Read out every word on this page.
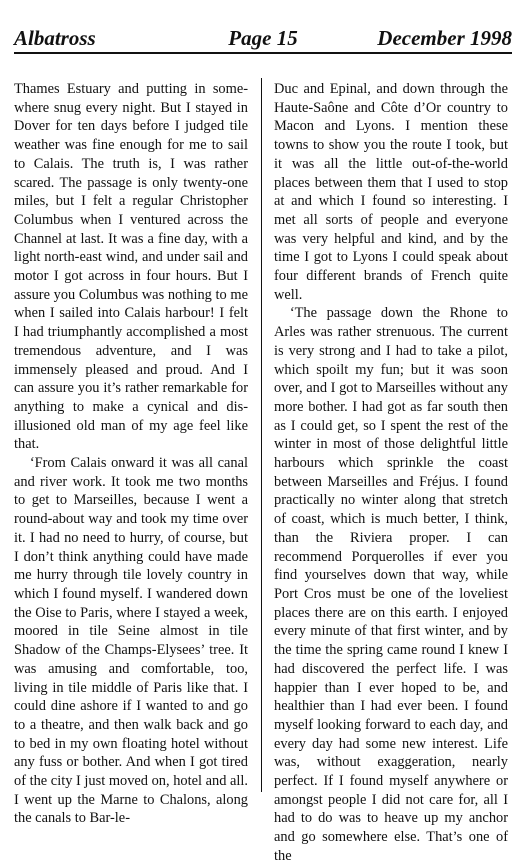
Albatross	Page 15	December 1998

Thames Estuary and putting in somewhere snug every night. But I stayed in Dover for ten days before I judged tile weather was fine enough for me to sail to Calais. The truth is, I was rather scared. The passage is only twenty-one miles, but I felt a regular Christopher Columbus when I ventured across the Channel at last. It was a fine day, with a light north-east wind, and under sail and motor I got across in four hours. But I assure you Columbus was nothing to me when I sailed into Calais harbour! I felt I had triumphantly accomplished a most tremendous adventure, and I was immensely pleased and proud. And I can assure you it’s rather remarkable for anything to make a cynical and disillusioned old man of my age feel like that.

‘From Calais onward it was all canal and river work. It took me two months to get to Marseilles, because I went a round-about way and took my time over it. I had no need to hurry, of course, but I don’t think anything could have made me hurry through tile lovely country in which I found myself. I wandered down the Oise to Paris, where I stayed a week, moored in tile Seine almost in tile Shadow of the Champs-Elysees’ tree. It was amusing and comfortable, too, living in tile middle of Paris like that. I could dine ashore if I wanted to and go to a theatre, and then walk back and go to bed in my own floating hotel without any fuss or bother. And when I got tired of the city I just moved on, hotel and all. I went up the Marne to Chalons, along the canals to Bar-le-

Duc and Epinal, and down through the Haute-Saône and Côte d’Or country to Macon and Lyons. I mention these towns to show you the route I took, but it was all the little out-of-the-world places between them that I used to stop at and which I found so interesting. I met all sorts of people and everyone was very helpful and kind, and by the time I got to Lyons I could speak about four different brands of French quite well.

‘The passage down the Rhone to Arles was rather strenuous. The current is very strong and I had to take a pilot, which spoilt my fun; but it was soon over, and I got to Marseilles without any more bother. I had got as far south then as I could get, so I spent the rest of the winter in most of those delightful little harbours which sprinkle the coast between Marseilles and Fréjus. I found practically no winter along that stretch of coast, which is much better, I think, than the Riviera proper. I can recommend Porquerolles if ever you find yourselves down that way, while Port Cros must be one of the loveliest places there are on this earth. I enjoyed every minute of that first winter, and by the time the spring came round I knew I had discovered the perfect life. I was happier than I ever hoped to be, and healthier than I had ever been. I found myself looking forward to each day, and every day had some new interest. Life was, without exaggeration, nearly perfect. If I found myself anywhere or amongst people I did not care for, all I had to do was to heave up my anchor and go somewhere else. That’s one of the
